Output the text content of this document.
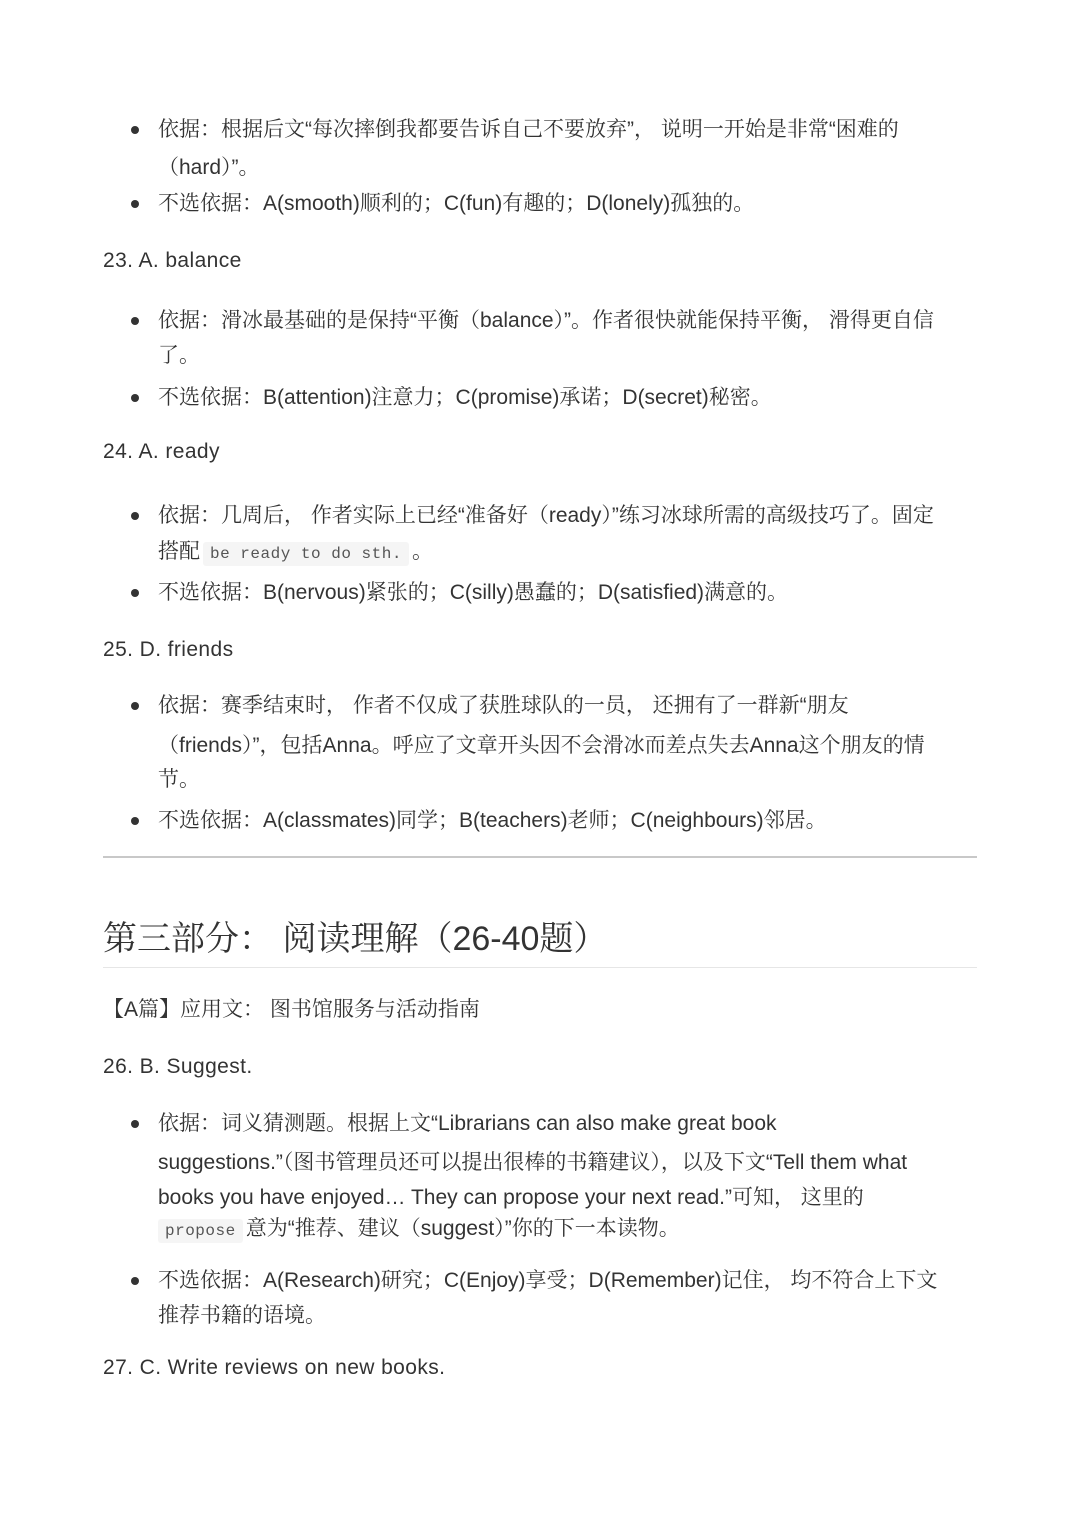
依据：根据后文“每次摔倒我都要告诉自己不要放弃”， 说明一开始是非常“困难的
（hard）”。
不选依据：A(smooth)顺利的；C(fun)有趣的；D(lonely)孤独的。
23. A. balance
依据：滑冰最基础的是保持“平衡（balance）”。作者很快就能保持平衡， 滑得更自信
了。
不选依据：B(attention)注意力；C(promise)承诺；D(secret)秘密。
24. A. ready
依据：几周后， 作者实际上已经“准备好（ready）”练习冰球所需的高级技巧了。固定
搭配 be ready to do sth. 。
不选依据：B(nervous)紧张的；C(silly)愚蠢的；D(satisfied)满意的。
25. D. friends
依据：赛季结束时， 作者不仅成了获胜球队的一员， 还拥有了一群新“朋友
（friends）”，包括Anna。呼应了文章开头因不会滑冰而差点失去Anna这个朋友的情
节。
不选依据：A(classmates)同学；B(teachers)老师；C(neighbours)邻居。
第三部分： 阅读理解（26-40题）
【A篇】应用文： 图书馆服务与活动指南
26. B. Suggest.
依据：词义猜测题。根据上文“Librarians can also make great book
suggestions.”（图书管理员还可以提出很棒的书籍建议），以及下文“Tell them what
books you have enjoyed… They can propose your next read.”可知， 这里的
propose 意为“推荐、建议（suggest）”你的下一本读物。
不选依据：A(Research)研究；C(Enjoy)享受；D(Remember)记住， 均不符合上下文
推荐书籍的语境。
27. C. Write reviews on new books.
